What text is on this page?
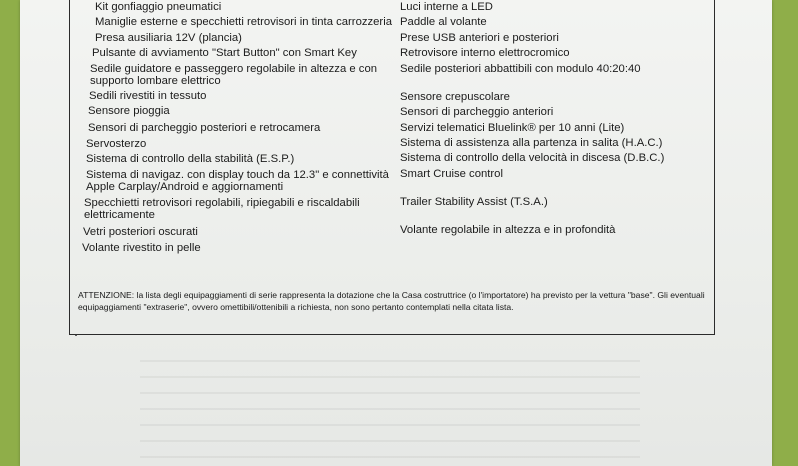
Kit gonfiaggio pneumatici
Maniglie esterne e specchietti retrovisori in tinta carrozzeria
Presa ausiliaria 12V (plancia)
Pulsante di avviamento "Start Button" con Smart Key
Sedile guidatore e passeggero regolabile in altezza e con
supporto lombare elettrico
Sedili rivestiti in tessuto
Sensore pioggia
Sensori di parcheggio posteriori e retrocamera
Servosterzo
Sistema di controllo della stabilità (E.S.P.)
Sistema di navigaz. con display touch da 12.3" e connettività
Apple Carplay/Android e aggiornamenti
Specchietti retrovisori regolabili, ripiegabili e riscaldabili
elettricamente
Vetri posteriori oscurati
Volante rivestito in pelle
Luci interne a LED
Paddle al volante
Prese USB anteriori e posteriori
Retrovisore interno elettrocromico
Sedile posteriori abbattibili con modulo 40:20:40
Sensore crepuscolare
Sensori di parcheggio anteriori
Servizi telematici Bluelink® per 10 anni (Lite)
Sistema di assistenza alla partenza in salita (H.A.C.)
Sistema di controllo della velocità in discesa (D.B.C.)
Smart Cruise control
Trailer Stability Assist (T.S.A.)
Volante regolabile in altezza e in profondità
ATTENZIONE: la lista degli equipaggiamenti di serie rappresenta la dotazione che la Casa costruttrice (o l'importatore) ha previsto per la vettura "base". Gli eventuali equipaggiamenti "extraserie", ovvero omettibili/ottenibili a richiesta, non sono pertanto contemplati nella citata lista.
